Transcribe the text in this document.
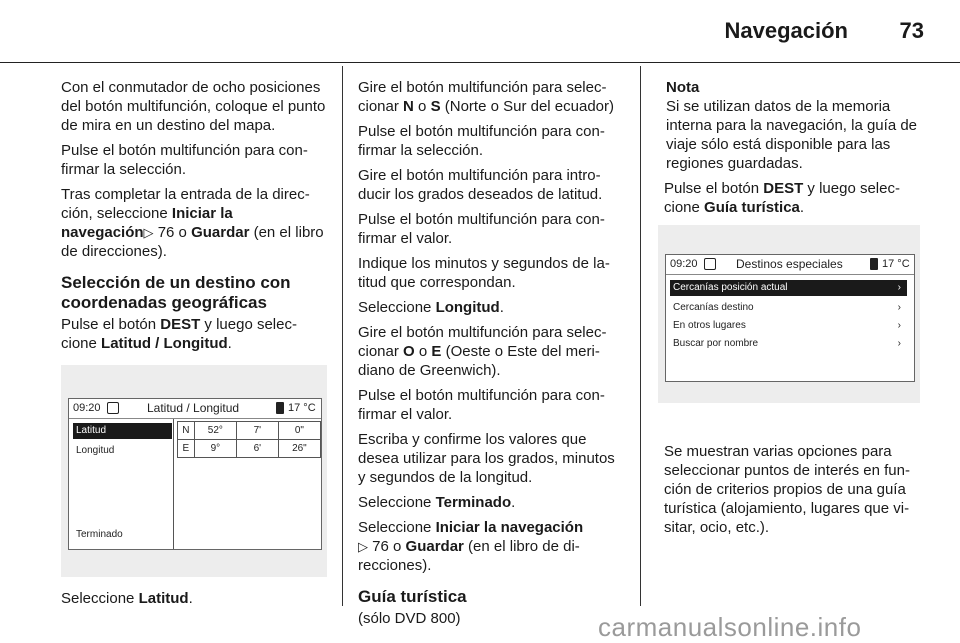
Navegación	73

Con el conmutador de ocho posiciones del botón multifunción, coloque el punto de mira en un destino del mapa.

Pulse el botón multifunción para confirmar la selección.

Tras completar la entrada de la dirección, seleccione Iniciar la navegación▷ 76 o Guardar (en el libro de direcciones).

Selección de un destino con coordenadas geográficas

Pulse el botón DEST y luego seleccione Latitud / Longitud.

09:20	Latitud / Longitud	17 °C
Latitud
Longitud
Terminado
N	52°	7'	0"
E	9°	6'	26"
Seleccione Latitud.

Gire el botón multifunción para seleccionar N o S (Norte o Sur del ecuador)

Pulse el botón multifunción para confirmar la selección.

Gire el botón multifunción para introducir los grados deseados de latitud.

Pulse el botón multifunción para confirmar el valor.

Indique los minutos y segundos de latitud que correspondan.

Seleccione Longitud.

Gire el botón multifunción para seleccionar O o E (Oeste o Este del meridiano de Greenwich).

Pulse el botón multifunción para confirmar el valor.

Escriba y confirme los valores que desea utilizar para los grados, minutos y segundos de la longitud.

Seleccione Terminado.

Seleccione Iniciar la navegación
▷ 76 o Guardar (en el libro de direcciones).

Guía turística
(sólo DVD 800)
Nota

Si se utilizan datos de la memoria interna para la navegación, la guía de viaje sólo está disponible para las regiones guardadas.

Pulse el botón DEST y luego seleccione Guía turística.

09:20	Destinos especiales	17 °C
Cercanías posición actual	›
Cercanías destino	›
En otros lugares	›
Buscar por nombre	›
Se muestran varias opciones para seleccionar puntos de interés en función de criterios propios de una guía turística (alojamiento, lugares que visitar, ocio, etc.).
carmanualsonline.info
